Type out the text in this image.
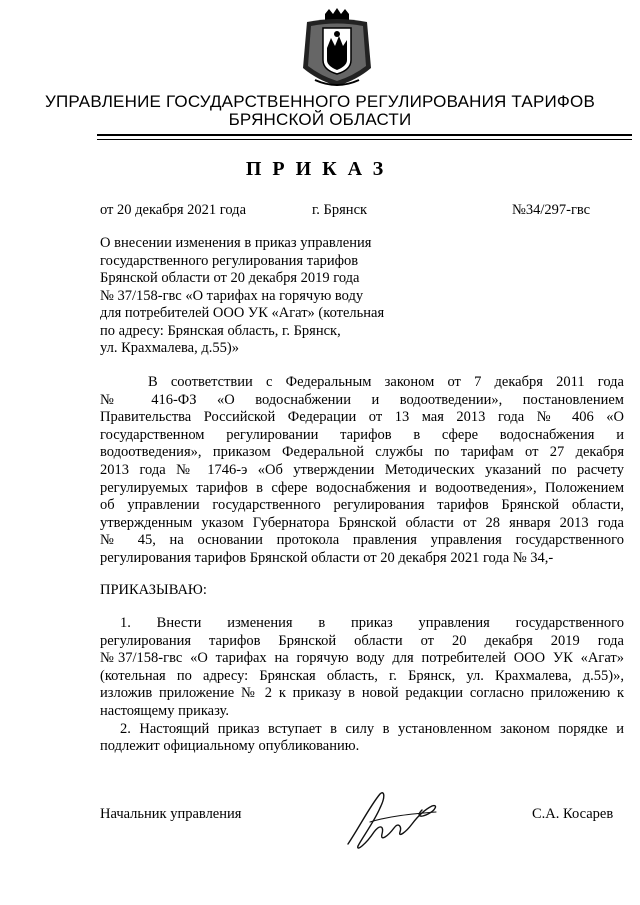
УПРАВЛЕНИЕ ГОСУДАРСТВЕННОГО РЕГУЛИРОВАНИЯ ТАРИФОВ
БРЯНСКОЙ ОБЛАСТИ
ПРИКАЗ
от 20 декабря 2021 года	г. Брянск	№34/297-гвс
О внесении изменения в приказ управления
государственного регулирования тарифов
Брянской области от 20 декабря 2019 года
№ 37/158-гвс «О тарифах на горячую воду
для потребителей ООО УК «Агат» (котельная
по адресу: Брянская область, г. Брянск,
ул. Крахмалева, д.55)»
В соответствии с Федеральным законом от 7 декабря 2011 года
№ 416-ФЗ «О водоснабжении и водоотведении», постановлением
Правительства Российской Федерации от 13 мая 2013 года № 406 «О
государственном регулировании тарифов в сфере водоснабжения и
водоотведения», приказом Федеральной службы по тарифам от 27 декабря
2013 года № 1746-э «Об утверждении Методических указаний по расчету
регулируемых тарифов в сфере водоснабжения и водоотведения», Положением
об управлении государственного регулирования тарифов Брянской области,
утвержденным указом Губернатора Брянской области от 28 января 2013 года
№ 45, на основании протокола правления управления государственного
регулирования тарифов Брянской области от 20 декабря 2021 года № 34,-
ПРИКАЗЫВАЮ:
1. Внести изменения в приказ управления государственного
регулирования тарифов Брянской области от 20 декабря 2019 года
№37/158-гвс «О тарифах на горячую воду для потребителей ООО УК «Агат»
(котельная по адресу: Брянская область, г. Брянск, ул. Крахмалева, д.55)»,
изложив приложение № 2 к приказу в новой редакции согласно приложению к
настоящему приказу.
2. Настоящий приказ вступает в силу в установленном законом порядке и
подлежит официальному опубликованию.
Начальник управления	С.А. Косарев
